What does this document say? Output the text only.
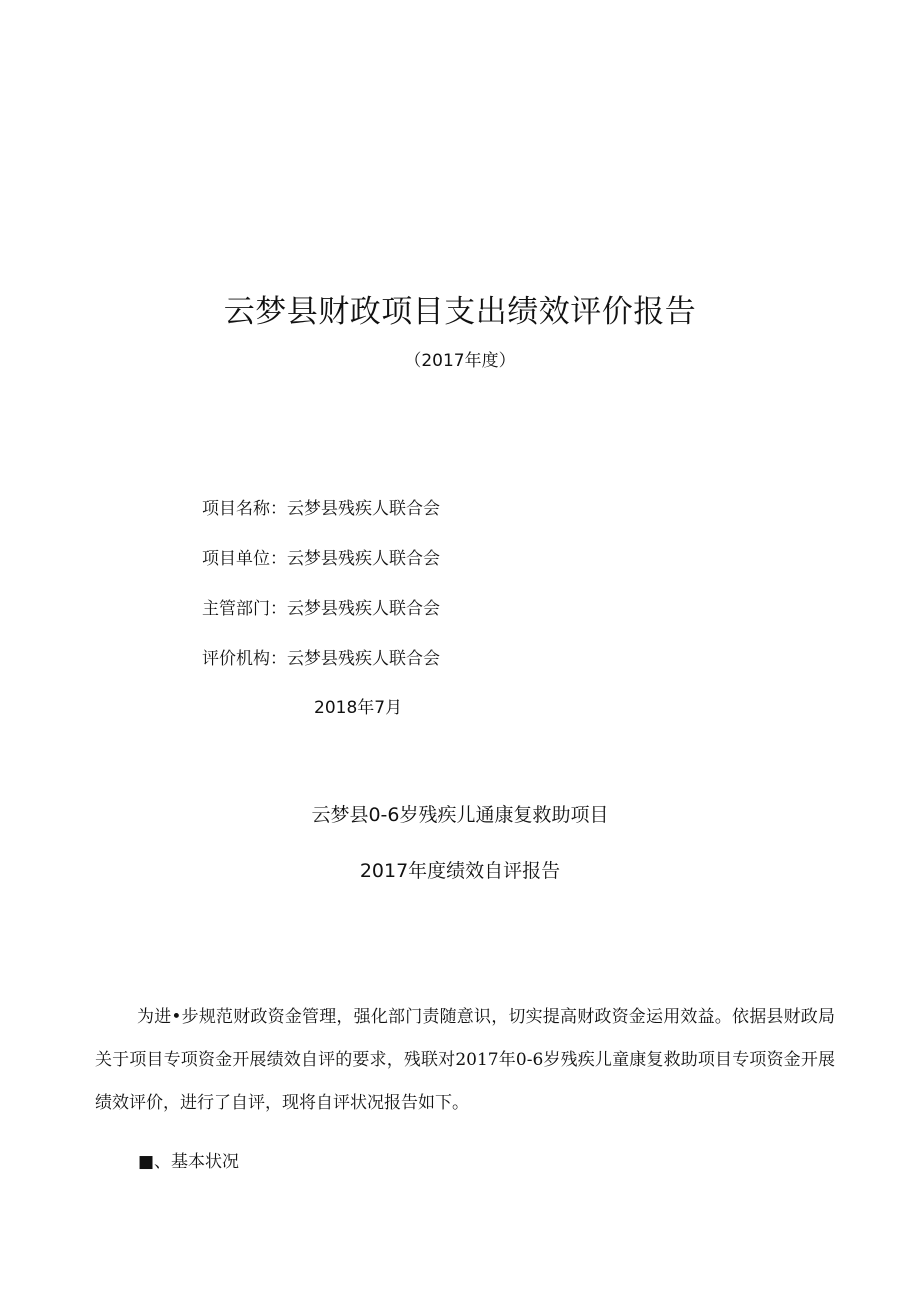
云梦县财政项目支出绩效评价报告
（2017年度）
项目名称：云梦县残疾人联合会
项目单位：云梦县残疾人联合会
主管部门：云梦县残疾人联合会
评价机构：云梦县残疾人联合会
2018年7月
云梦县0-6岁残疾儿通康复救助项目
2017年度绩效自评报告
为进•步规范财政资金管理，强化部门责随意识，切实提高财政资金运用效益。依据县财政局关于项目专项资金开展绩效自评的要求，残联对2017年0-6岁残疾儿童康复救助项目专项资金开展绩效评价，进行了自评，现将自评状况报告如下。
■、基本状况
